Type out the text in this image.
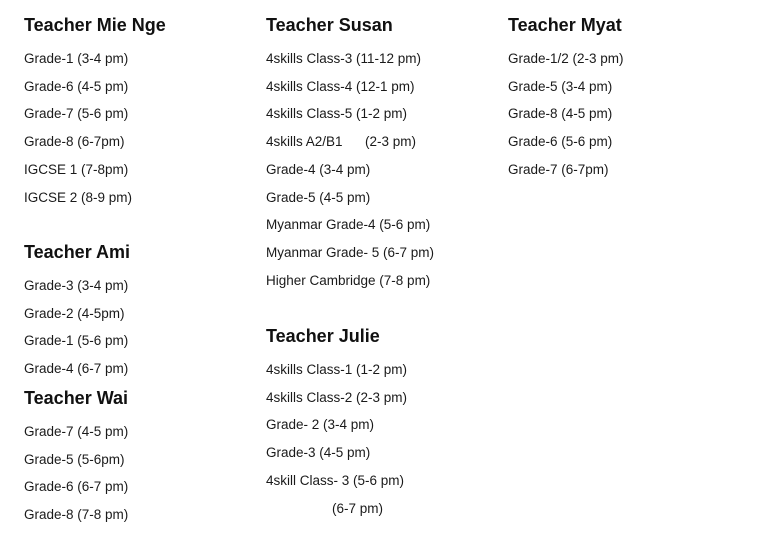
Teacher Mie Nge
Grade-1 (3-4 pm)
Grade-6 (4-5 pm)
Grade-7 (5-6 pm)
Grade-8 (6-7pm)
IGCSE 1 (7-8pm)
IGCSE 2 (8-9 pm)
Teacher Susan
4skills Class-3 (11-12 pm)
4skills Class-4 (12-1 pm)
4skills Class-5 (1-2 pm)
4skills A2/B1      (2-3 pm)
Grade-4 (3-4 pm)
Grade-5 (4-5 pm)
Myanmar Grade-4 (5-6 pm)
Myanmar Grade- 5 (6-7 pm)
Higher Cambridge (7-8 pm)
Teacher Myat
Grade-1/2 (2-3 pm)
Grade-5 (3-4 pm)
Grade-8 (4-5 pm)
Grade-6 (5-6 pm)
Grade-7 (6-7pm)
Teacher Ami
Grade-3 (3-4 pm)
Grade-2 (4-5pm)
Grade-1 (5-6 pm)
Grade-4 (6-7 pm)
Teacher Wai
Grade-7 (4-5 pm)
Grade-5 (5-6pm)
Grade-6 (6-7 pm)
Grade-8 (7-8 pm)
Teacher Julie
4skills Class-1 (1-2 pm)
4skills Class-2 (2-3 pm)
Grade- 2 (3-4 pm)
Grade-3 (4-5 pm)
4skill Class- 3 (5-6 pm)
(6-7 pm)
